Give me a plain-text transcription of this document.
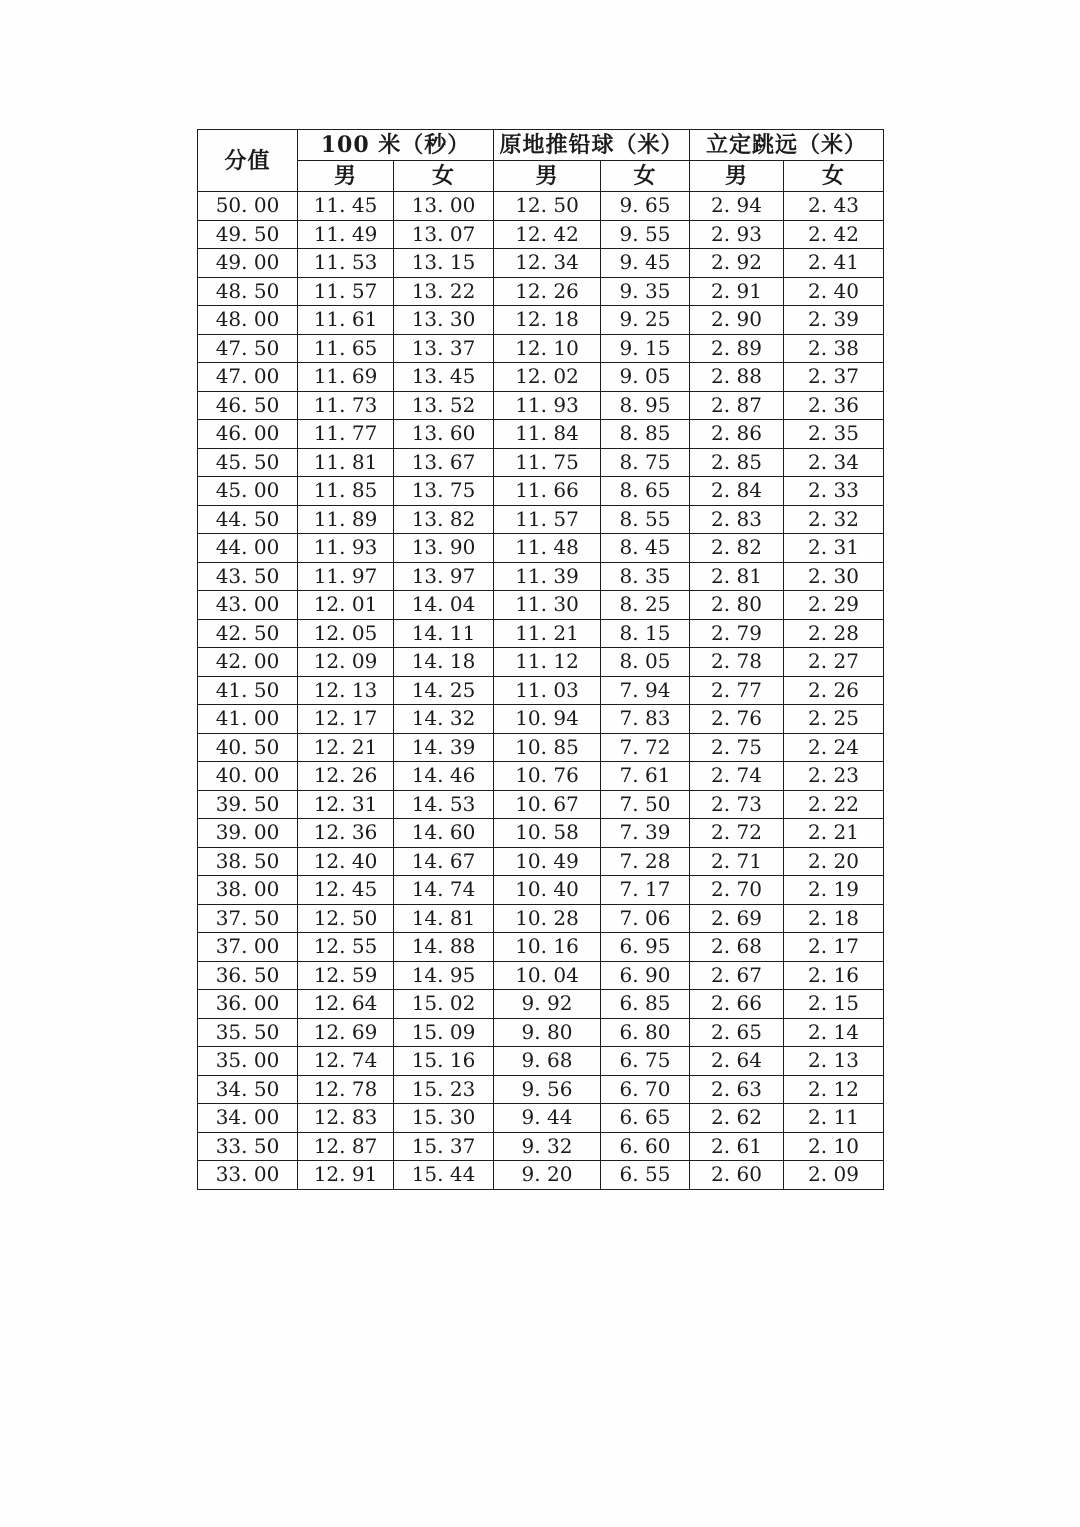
分值	100 米（秒）		原地推铅球（米）		立定跳远（米）	
	男	女	男	女	男	女
50. 00	11. 45	13. 00	12. 50	9. 65	2. 94	2. 43
49. 50	11. 49	13. 07	12. 42	9. 55	2. 93	2. 42
49. 00	11. 53	13. 15	12. 34	9. 45	2. 92	2. 41
48. 50	11. 57	13. 22	12. 26	9. 35	2. 91	2. 40
48. 00	11. 61	13. 30	12. 18	9. 25	2. 90	2. 39
47. 50	11. 65	13. 37	12. 10	9. 15	2. 89	2. 38
47. 00	11. 69	13. 45	12. 02	9. 05	2. 88	2. 37
46. 50	11. 73	13. 52	11. 93	8. 95	2. 87	2. 36
46. 00	11. 77	13. 60	11. 84	8. 85	2. 86	2. 35
45. 50	11. 81	13. 67	11. 75	8. 75	2. 85	2. 34
45. 00	11. 85	13. 75	11. 66	8. 65	2. 84	2. 33
44. 50	11. 89	13. 82	11. 57	8. 55	2. 83	2. 32
44. 00	11. 93	13. 90	11. 48	8. 45	2. 82	2. 31
43. 50	11. 97	13. 97	11. 39	8. 35	2. 81	2. 30
43. 00	12. 01	14. 04	11. 30	8. 25	2. 80	2. 29
42. 50	12. 05	14. 11	11. 21	8. 15	2. 79	2. 28
42. 00	12. 09	14. 18	11. 12	8. 05	2. 78	2. 27
41. 50	12. 13	14. 25	11. 03	7. 94	2. 77	2. 26
41. 00	12. 17	14. 32	10. 94	7. 83	2. 76	2. 25
40. 50	12. 21	14. 39	10. 85	7. 72	2. 75	2. 24
40. 00	12. 26	14. 46	10. 76	7. 61	2. 74	2. 23
39. 50	12. 31	14. 53	10. 67	7. 50	2. 73	2. 22
39. 00	12. 36	14. 60	10. 58	7. 39	2. 72	2. 21
38. 50	12. 40	14. 67	10. 49	7. 28	2. 71	2. 20
38. 00	12. 45	14. 74	10. 40	7. 17	2. 70	2. 19
37. 50	12. 50	14. 81	10. 28	7. 06	2. 69	2. 18
37. 00	12. 55	14. 88	10. 16	6. 95	2. 68	2. 17
36. 50	12. 59	14. 95	10. 04	6. 90	2. 67	2. 16
36. 00	12. 64	15. 02	9. 92	6. 85	2. 66	2. 15
35. 50	12. 69	15. 09	9. 80	6. 80	2. 65	2. 14
35. 00	12. 74	15. 16	9. 68	6. 75	2. 64	2. 13
34. 50	12. 78	15. 23	9. 56	6. 70	2. 63	2. 12
34. 00	12. 83	15. 30	9. 44	6. 65	2. 62	2. 11
33. 50	12. 87	15. 37	9. 32	6. 60	2. 61	2. 10
33. 00	12. 91	15. 44	9. 20	6. 55	2. 60	2. 09
